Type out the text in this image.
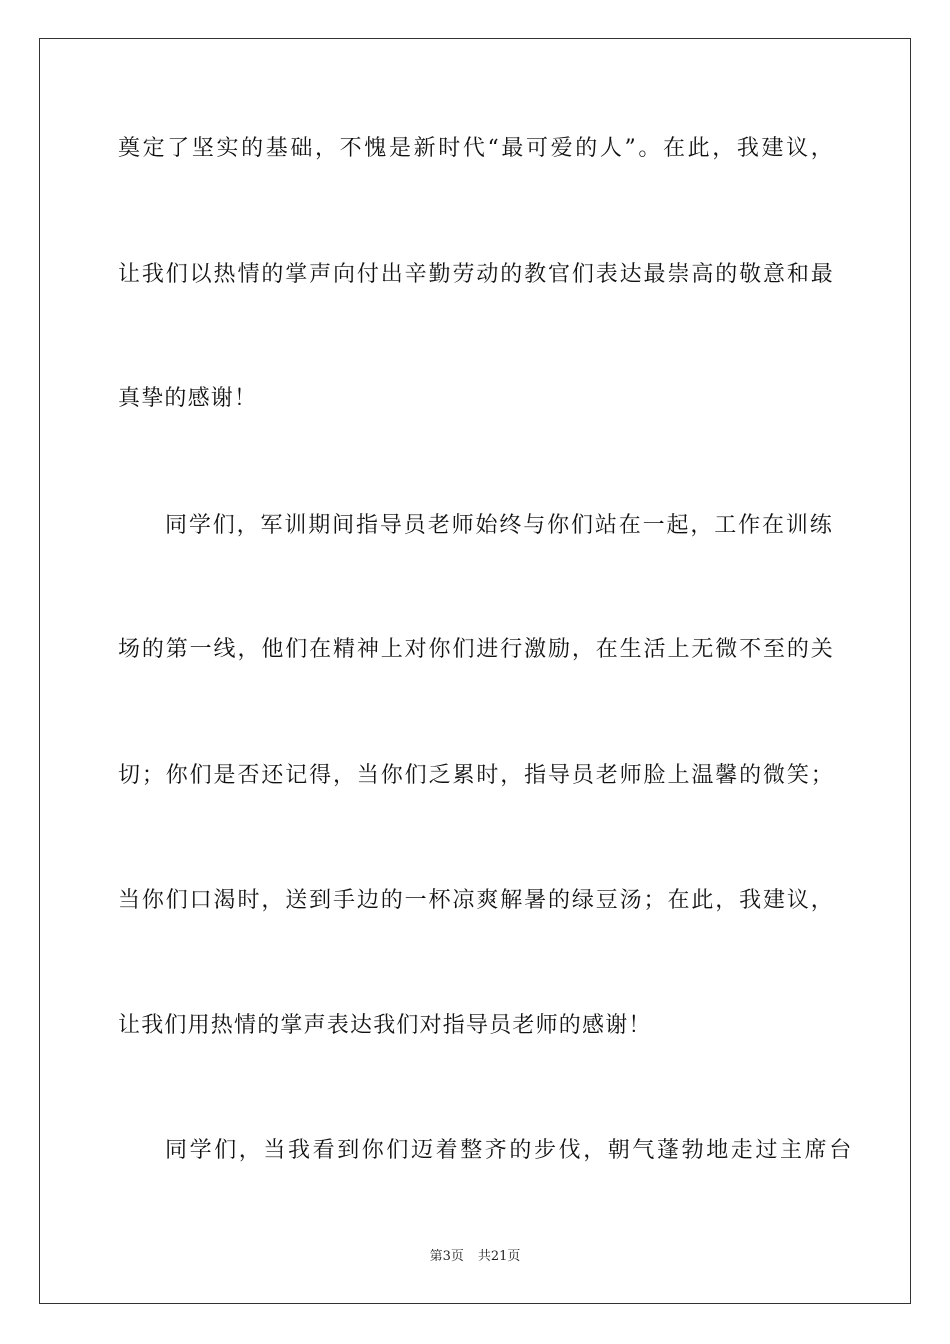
奠定了坚实的基础，不愧是新时代“最可爱的人”。在此，我建议，
让我们以热情的掌声向付出辛勤劳动的教官们表达最崇高的敬意和最
真挚的感谢！
同学们，军训期间指导员老师始终与你们站在一起，工作在训练
场的第一线，他们在精神上对你们进行激励，在生活上无微不至的关
切；你们是否还记得，当你们乏累时，指导员老师脸上温馨的微笑；
当你们口渴时，送到手边的一杯凉爽解暑的绿豆汤；在此，我建议，
让我们用热情的掌声表达我们对指导员老师的感谢！
同学们，当我看到你们迈着整齐的步伐，朝气蓬勃地走过主席台
第3页 共21页
